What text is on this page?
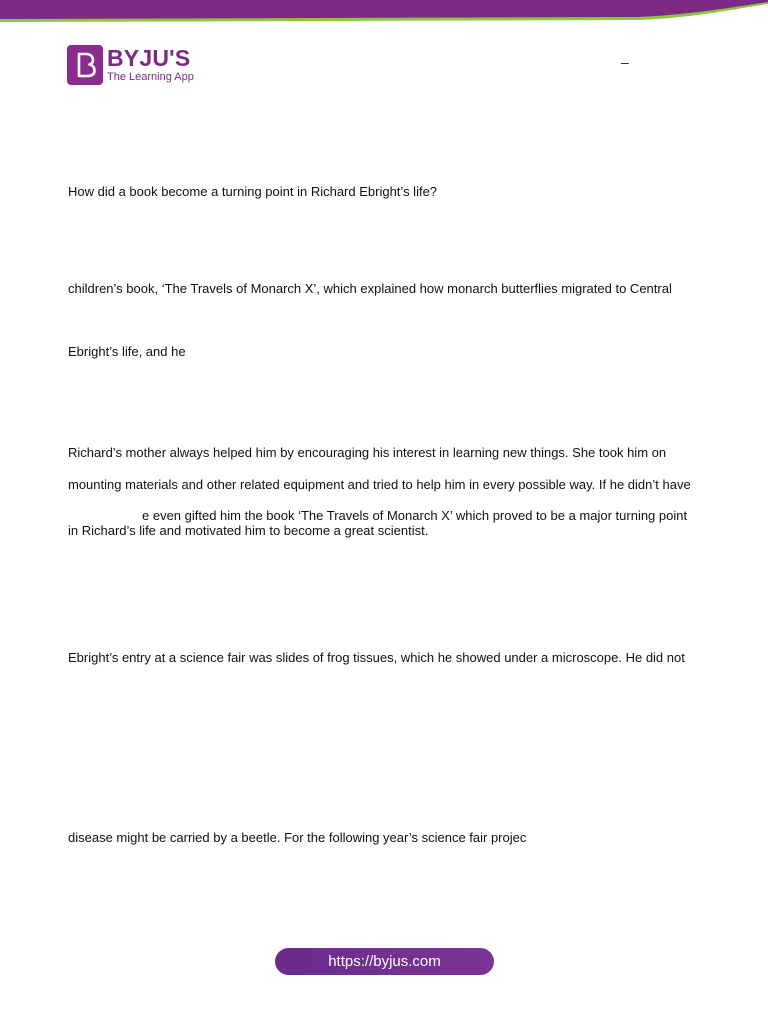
BYJU'S
The Learning App
–
How did a book become a turning point in Richard Ebright’s life?
children’s book, ‘The Travels of Monarch X’, which explained how monarch butterflies migrated to Central
Ebright’s life, and he
Richard’s mother always helped him by encouraging his interest in learning new things. She took him on
mounting materials and other related equipment and tried to help him in every possible way. If he didn’t have
e even gifted him the book ‘The Travels of Monarch X’ which proved to be a major turning point
in Richard’s life and motivated him to become a great scientist.
Ebright’s entry at a science fair was slides of frog tissues, which he showed under a microscope. He did not
disease might be carried by a beetle. For the following year’s science fair projec
https://byjus.com
